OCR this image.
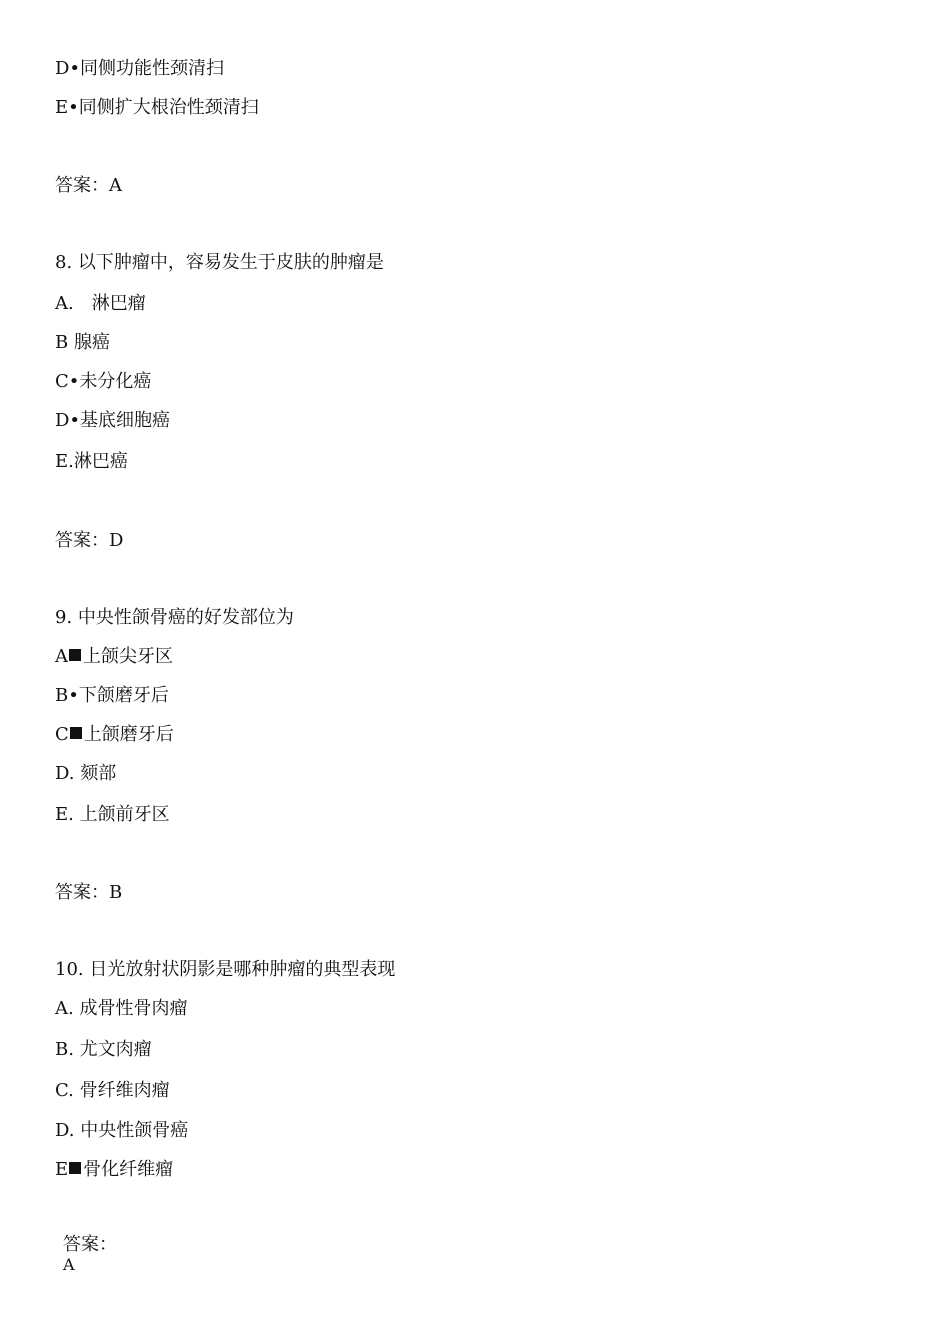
D•同侧功能性颈清扫
E•同侧扩大根治性颈清扫
答案：A
8. 以下肿瘤中，容易发生于皮肤的肿瘤是
A.　淋巴瘤
B 腺癌
C•未分化癌
D•基底细胞癌
E.淋巴癌
答案：D
9. 中央性颌骨癌的好发部位为
A 上颌尖牙区
B•下颌磨牙后
C 上颌磨牙后
D. 颏部
E. 上颌前牙区
答案：B
10. 日光放射状阴影是哪种肿瘤的典型表现
A. 成骨性骨肉瘤
B. 尤文肉瘤
C. 骨纤维肉瘤
D. 中央性颌骨癌
E 骨化纤维瘤
答案：
A
